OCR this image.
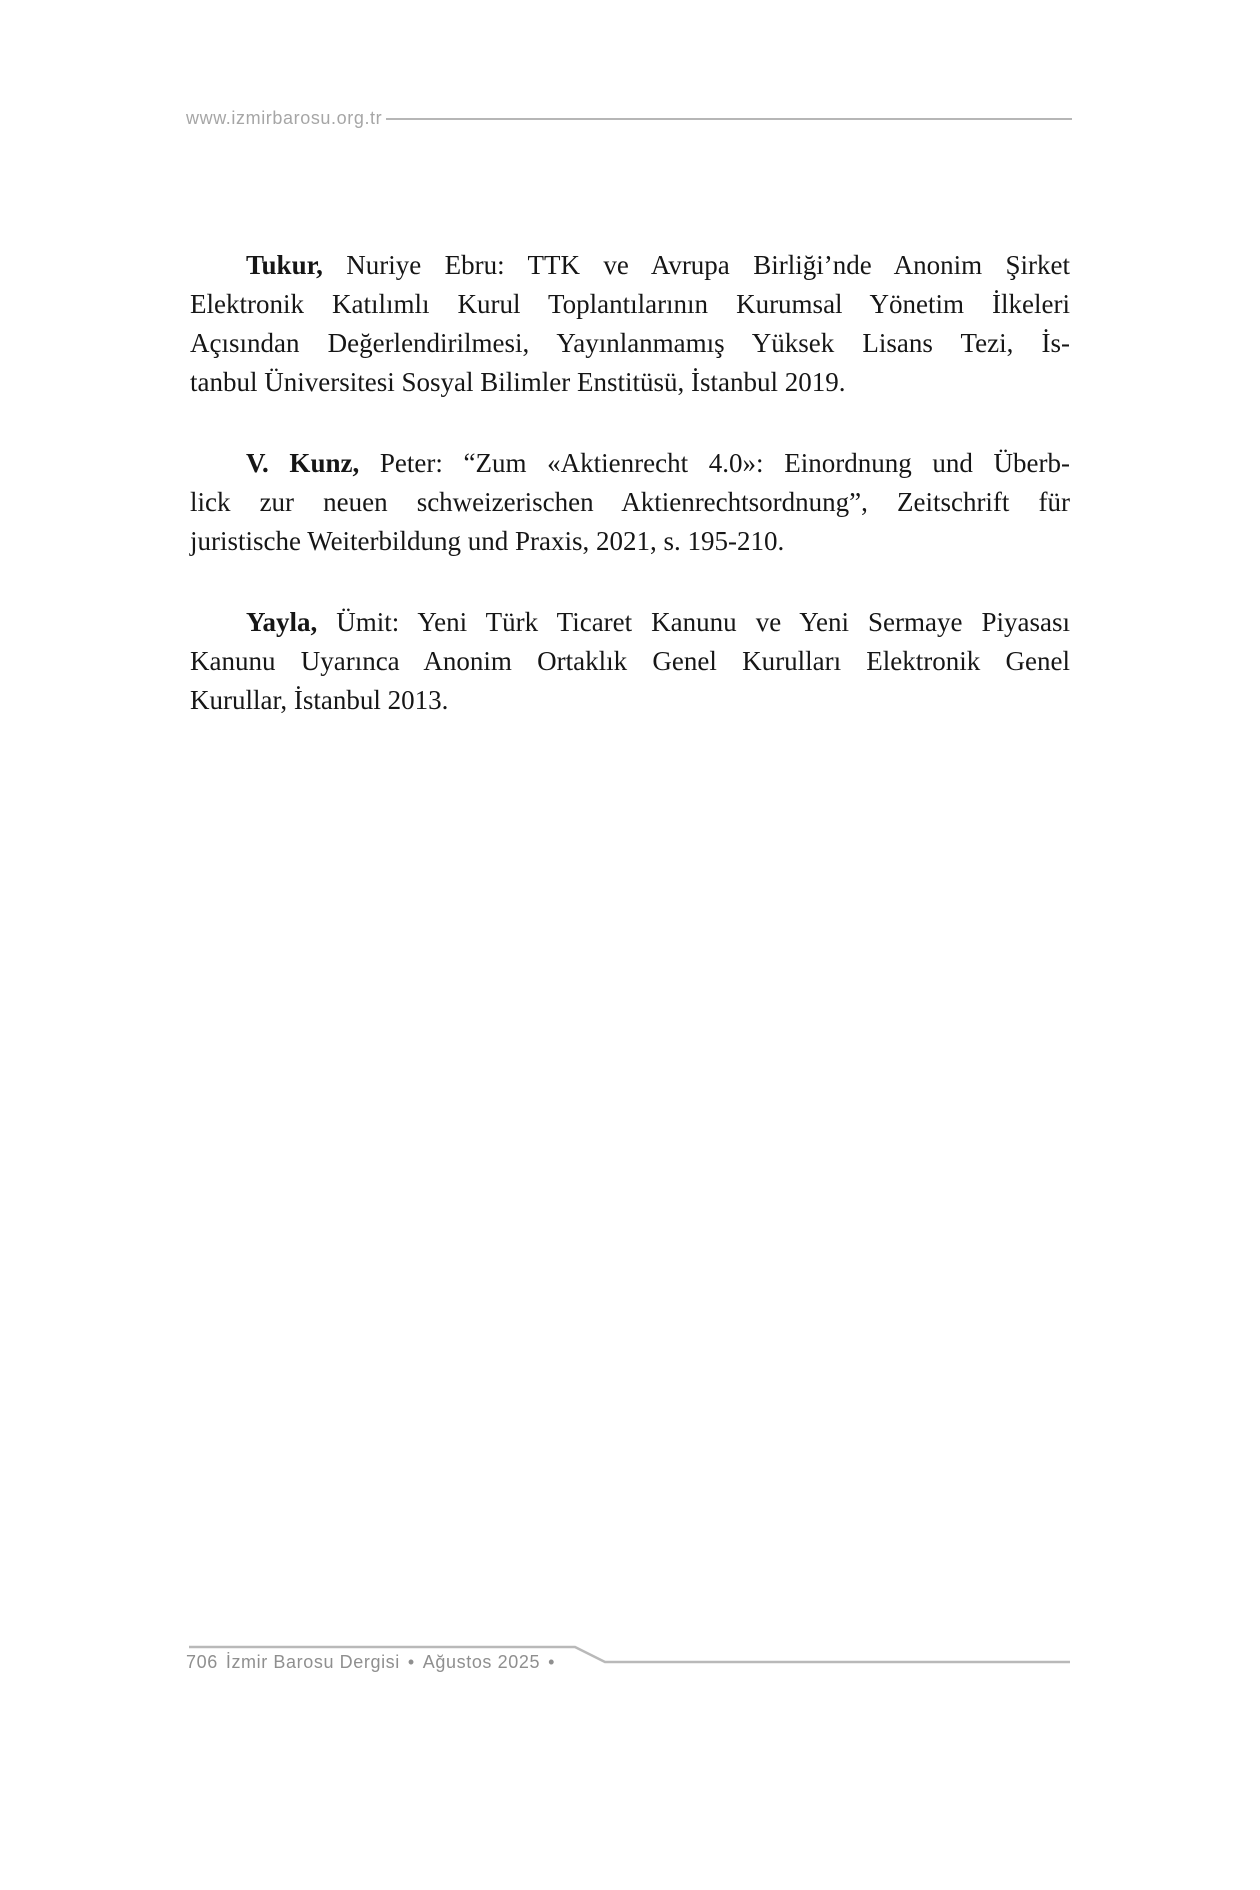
www.izmirbarosu.org.tr

Tukur, Nuriye Ebru: TTK ve Avrupa Birliği’nde Anonim Şirket
Elektronik Katılımlı Kurul Toplantılarının Kurumsal Yönetim İlkeleri
Açısından Değerlendirilmesi, Yayınlanmamış Yüksek Lisans Tezi, İs-
tanbul Üniversitesi Sosyal Bilimler Enstitüsü, İstanbul 2019.

V. Kunz, Peter: “Zum «Aktienrecht 4.0»: Einordnung und Überb-
lick zur neuen schweizerischen Aktienrechtsordnung”, Zeitschrift für
juristische Weiterbildung und Praxis, 2021, s. 195-210.

Yayla, Ümit: Yeni Türk Ticaret Kanunu ve Yeni Sermaye Piyasası
Kanunu Uyarınca Anonim Ortaklık Genel Kurulları Elektronik Genel
Kurullar, İstanbul 2013.

706 İzmir Barosu Dergisi • Ağustos 2025 •
